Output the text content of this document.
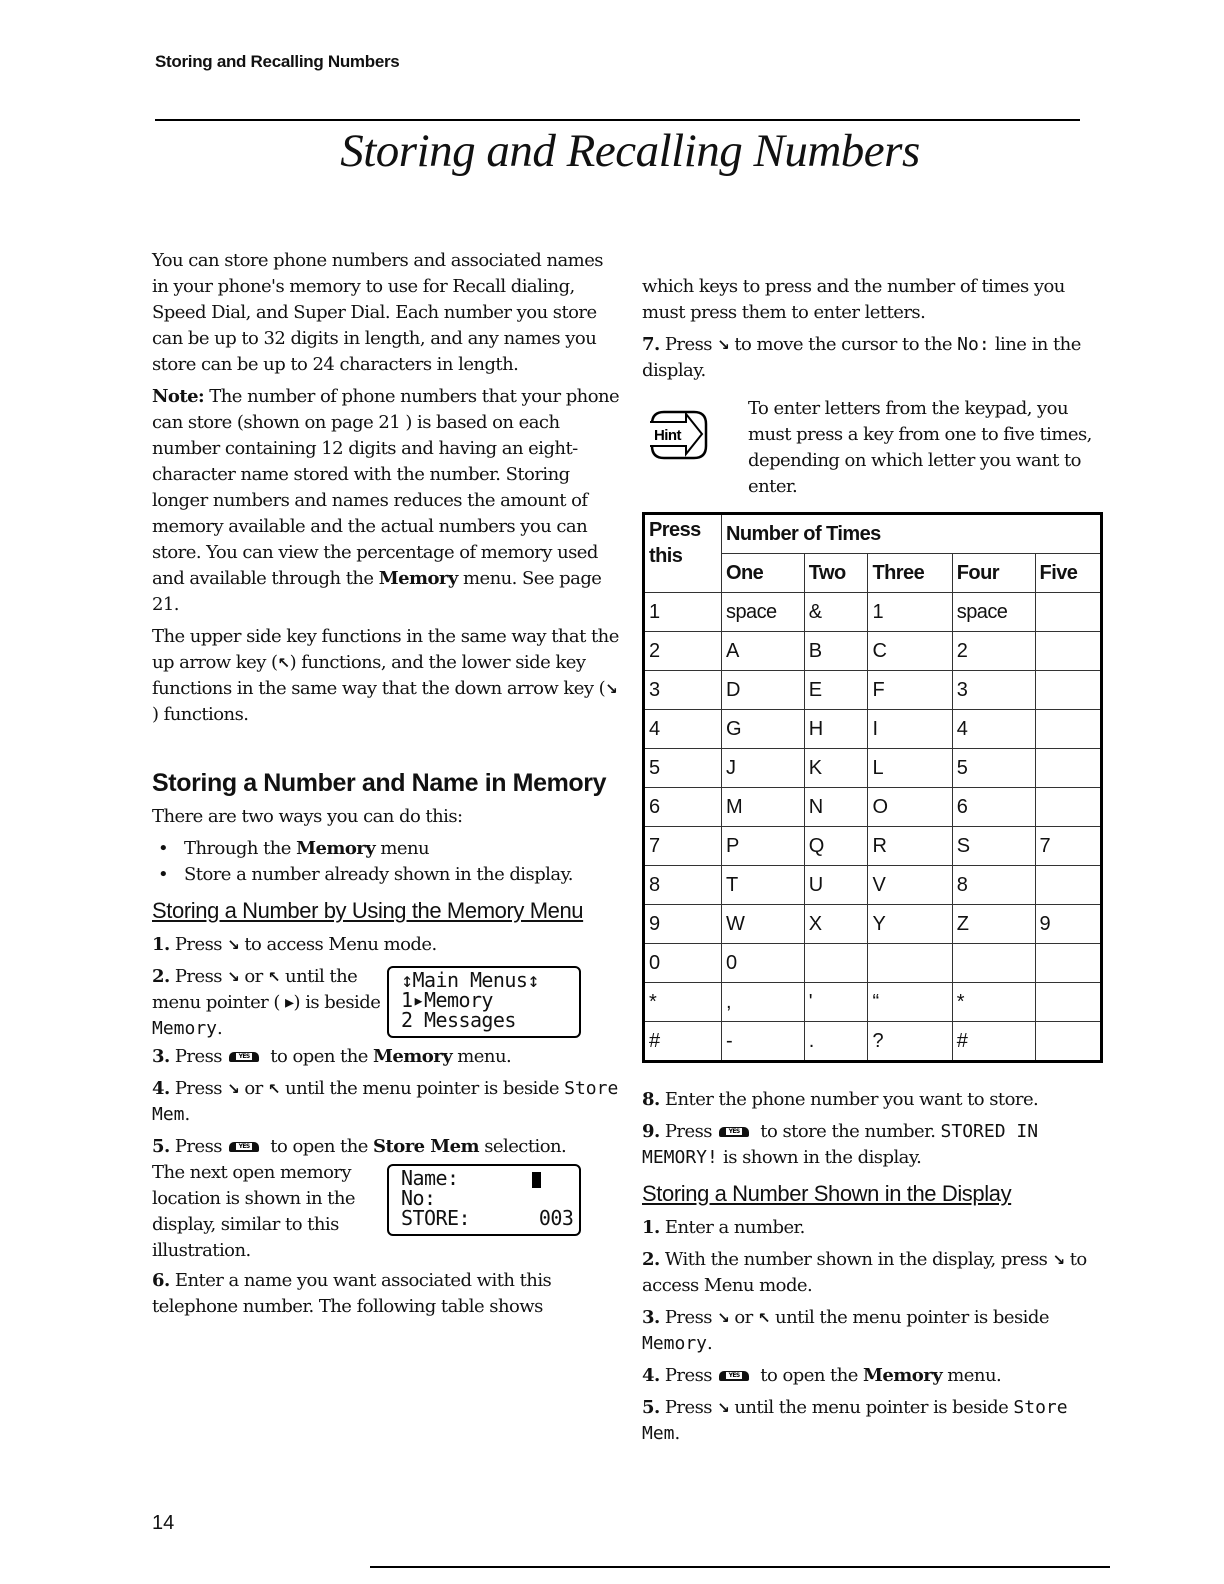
Storing and Recalling Numbers
Storing and Recalling Numbers

You can store phone numbers and associated names in your phone's memory to use for Recall dialing, Speed Dial, and Super Dial. Each number you store can be up to 32 digits in length, and any names you store can be up to 24 characters in length.

Note: The number of phone numbers that your phone can store (shown on page 21 ) is based on each number containing 12 digits and having an eight-character name stored with the number. Storing longer numbers and names reduces the amount of memory available and the actual numbers you can store. You can view the percentage of memory used and available through the Memory menu. See page 21.

The upper side key functions in the same way that the up arrow key (↖) functions, and the lower side key functions in the same way that the down arrow key (↘) functions.

Storing a Number and Name in Memory

There are two ways you can do this:

• Through the Memory menu
• Store a number already shown in the display.
Storing a Number by Using the Memory Menu

1. Press ↘ to access Menu mode.

2. Press ↘ or ↖ until the menu pointer ( ▸) is beside Memory.

↕Main Menus↕
1▸Memory
2 Messages

3. Press	YES to open the Memory menu.

4. Press ↘ or ↖ until the menu pointer is beside Store Mem.

5. Press	YES to open the Store Mem selection.

The next open memory location is shown in the display, similar to this illustration.

Name:
No:
STORE:      003

6. Enter a name you want associated with this telephone number. The following table shows

which keys to press and the number of times you must press them to enter letters.

7. Press ↘ to move the cursor to the No: line in the display.

Hint

To enter letters from the keypad, you must press a key from one to five times, depending on which letter you want to enter.

Press this	Number of Times				
	One	Two	Three	Four	Five
1	space	&	1	space	
2	A	B	C	2	
3	D	E	F	3	
4	G	H	I	4	
5	J	K	L	5	
6	M	N	O	6	
7	P	Q	R	S	7
8	T	U	V	8	
9	W	X	Y	Z	9
0	0				
*	,	'	“	*	
#	-	.	?	#	

8. Enter the phone number you want to store.

9. Press	YES to store the number. STORED IN MEMORY! is shown in the display.

Storing a Number Shown in the Display

1. Enter a number.

2. With the number shown in the display, press ↘ to access Menu mode.

3. Press ↘ or ↖ until the menu pointer is beside Memory.

4. Press	YES to open the Memory menu.

5. Press ↘ until the menu pointer is beside Store Mem.

14
